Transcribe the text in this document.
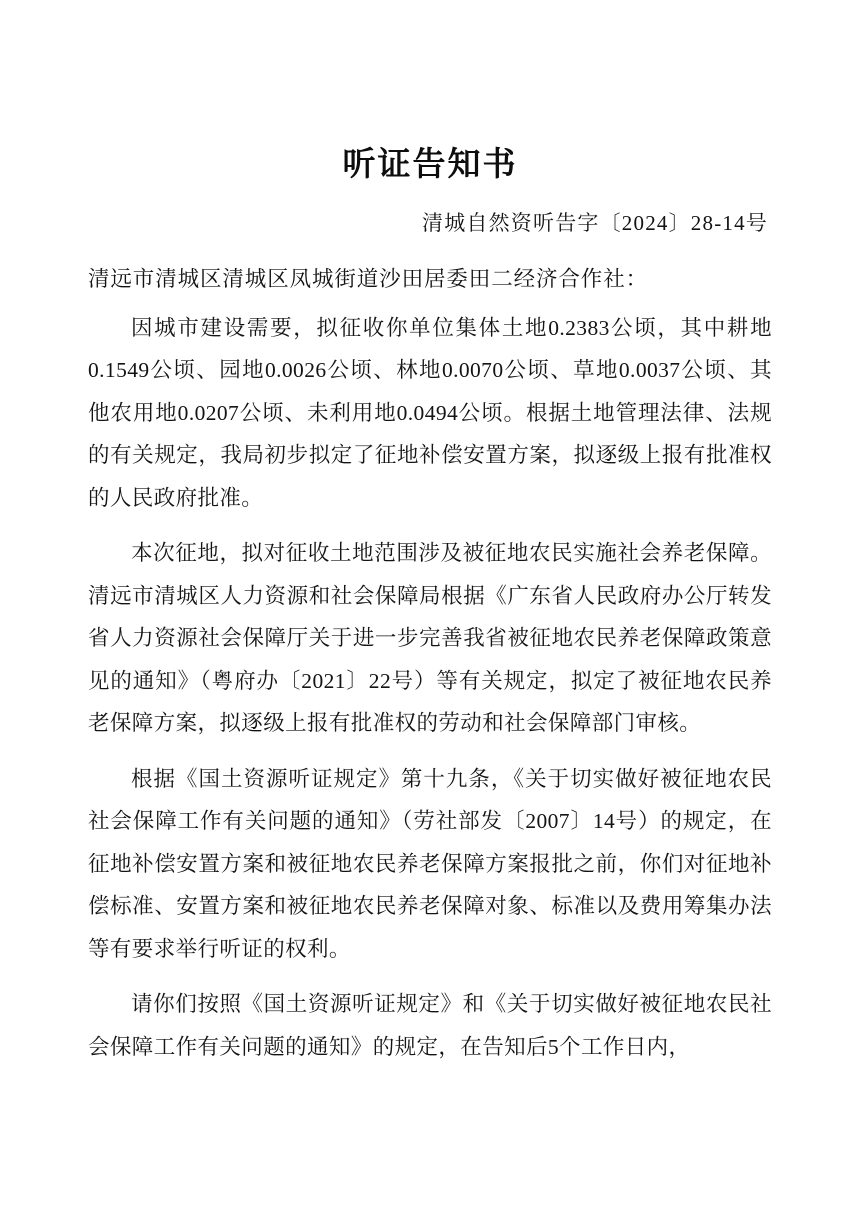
听证告知书

清城自然资听告字〔2024〕28-14号

清远市清城区清城区凤城街道沙田居委田二经济合作社：

因城市建设需要，拟征收你单位集体土地0.2383公顷，其中耕地0.1549公顷、园地0.0026公顷、林地0.0070公顷、草地0.0037公顷、其他农用地0.0207公顷、未利用地0.0494公顷。根据土地管理法律、法规的有关规定，我局初步拟定了征地补偿安置方案，拟逐级上报有批准权的人民政府批准。

本次征地，拟对征收土地范围涉及被征地农民实施社会养老保障。清远市清城区人力资源和社会保障局根据《广东省人民政府办公厅转发省人力资源社会保障厅关于进一步完善我省被征地农民养老保障政策意见的通知》（粤府办〔2021〕22号）等有关规定，拟定了被征地农民养老保障方案，拟逐级上报有批准权的劳动和社会保障部门审核。

根据《国土资源听证规定》第十九条，《关于切实做好被征地农民社会保障工作有关问题的通知》（劳社部发〔2007〕14号）的规定，在征地补偿安置方案和被征地农民养老保障方案报批之前，你们对征地补偿标准、安置方案和被征地农民养老保障对象、标准以及费用筹集办法等有要求举行听证的权利。

请你们按照《国土资源听证规定》和《关于切实做好被征地农民社会保障工作有关问题的通知》的规定，在告知后5个工作日内，
